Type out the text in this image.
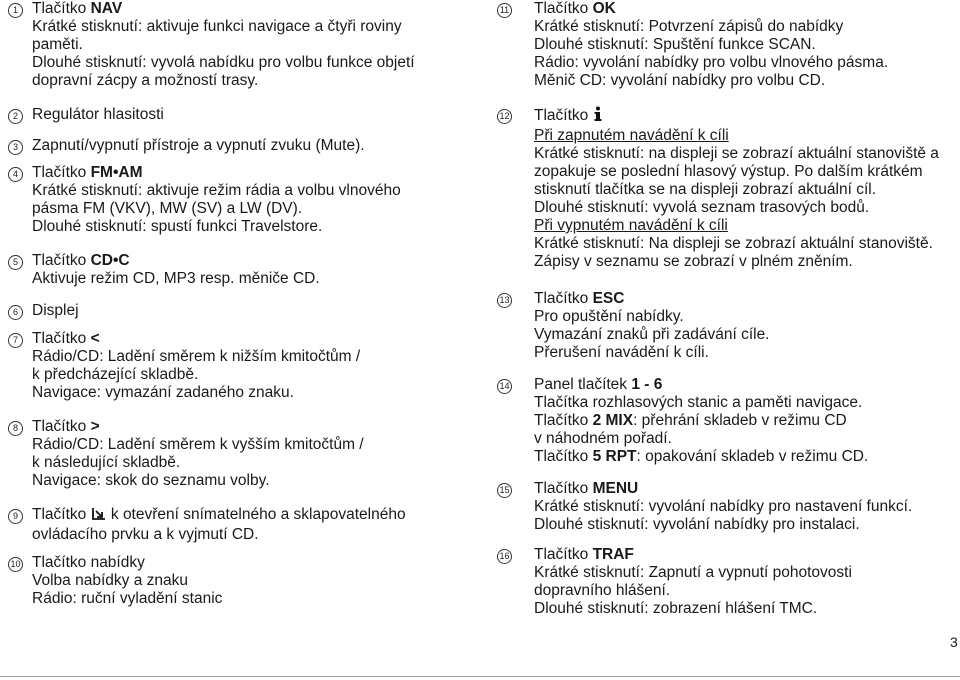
1 Tlačítko NAV
Krátké stisknutí: aktivuje funkci navigace a čtyři roviny
paměti.
Dlouhé stisknutí: vyvolá nabídku pro volbu funkce objetí
dopravní zácpy a možností trasy.
2 Regulátor hlasitosti
3 Zapnutí/vypnutí přístroje a vypnutí zvuku (Mute).
4 Tlačítko FM•AM
Krátké stisknutí: aktivuje režim rádia a volbu vlnového
pásma FM (VKV), MW (SV) a LW (DV).
Dlouhé stisknutí: spustí funkci Travelstore.
5 Tlačítko CD•C
Aktivuje režim CD, MP3 resp. měniče CD.
6 Displej
7 Tlačítko <
Rádio/CD: Ladění směrem k nižším kmitočtům /
k předcházející skladbě.
Navigace: vymazání zadaného znaku.
8 Tlačítko >
Rádio/CD: Ladění směrem k vyšším kmitočtům /
k následující skladbě.
Navigace: skok do seznamu volby.
9 Tlačítko  k otevření snímatelného a sklapovatelného
ovládacího prvku a k vyjmutí CD.
10 Tlačítko nabídky
Volba nabídky a znaku
Rádio: ruční vyladění stanic
11 Tlačítko OK
Krátké stisknutí: Potvrzení zápisů do nabídky
Dlouhé stisknutí: Spuštění funkce SCAN.
Rádio: vyvolání nabídky pro volbu vlnového pásma.
Měnič CD: vyvolání nabídky pro volbu CD.
12 Tlačítko
Při zapnutém navádění k cíli
Krátké stisknutí: na displeji se zobrazí aktuální stanoviště a
zopakuje se poslední hlasový výstup. Po dalším krátkém
stisknutí tlačítka se na displeji zobrazí aktuální cíl.
Dlouhé stisknutí: vyvolá seznam trasových bodů.
Při vypnutém navádění k cíli
Krátké stisknutí: Na displeji se zobrazí aktuální stanoviště.
Zápisy v seznamu se zobrazí v plném zněním.
13 Tlačítko ESC
Pro opuštění nabídky.
Vymazání znaků při zadávání cíle.
Přerušení navádění k cíli.
14 Panel tlačítek 1 - 6
Tlačítka rozhlasových stanic a paměti navigace.
Tlačítko 2 MIX: přehrání skladeb v režimu CD
v náhodném pořadí.
Tlačítko 5 RPT: opakování skladeb v režimu CD.
15 Tlačítko MENU
Krátké stisknutí: vyvolání nabídky pro nastavení funkcí.
Dlouhé stisknutí: vyvolání nabídky pro instalaci.
16 Tlačítko TRAF
Krátké stisknutí: Zapnutí a vypnutí pohotovosti
dopravního hlášení.
Dlouhé stisknutí: zobrazení hlášení TMC.
3
